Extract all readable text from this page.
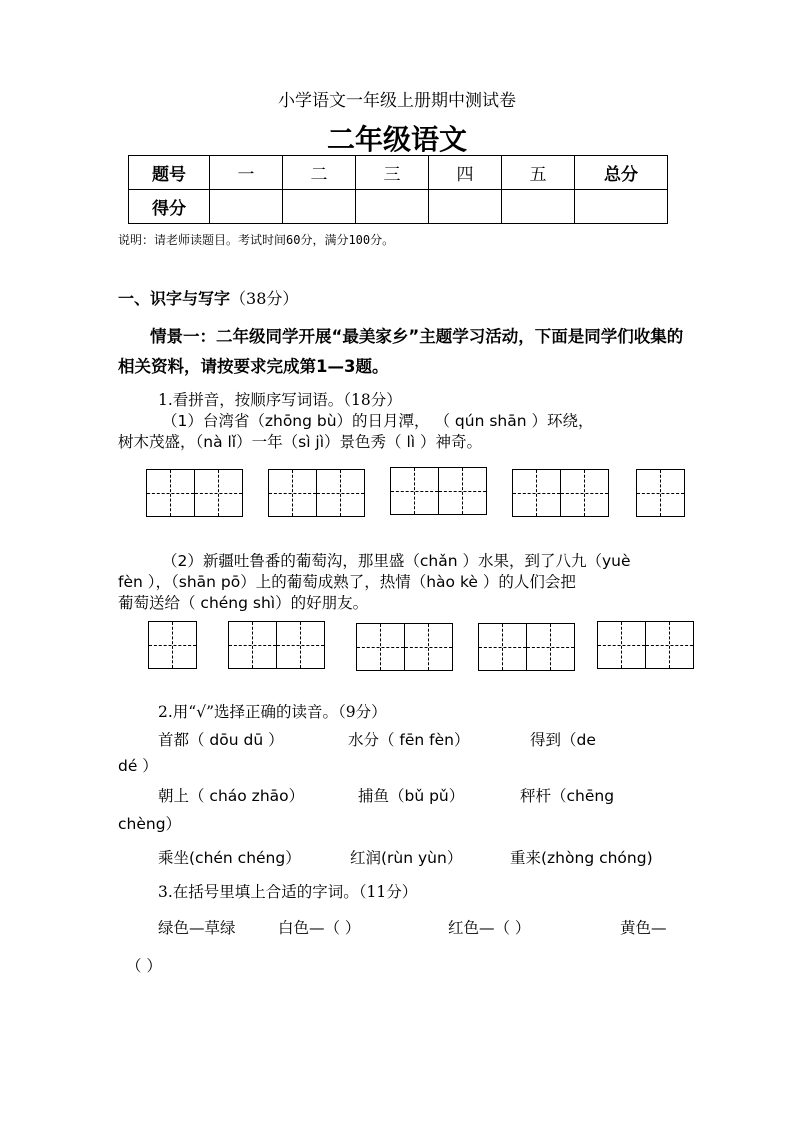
小学语文一年级上册期中测试卷
二年级语文
题号	一	二	三	四	五	总分
得分						
说明：请老师读题目。考试时间60分，满分100分。
一、识字与写字（38分）
情景一：二年级同学开展“最美家乡”主题学习活动，下面是同学们收集的相关资料，请按要求完成第1—3题。
1.看拼音，按顺序写词语。（18分）
（1）台湾省（zhōng bù）的日月潭， （ qún shān ）环绕，
树木茂盛，（nà lǐ）一年（sì jì）景色秀（ lì ）神奇。
（2）新疆吐鲁番的葡萄沟，那里盛（chǎn ）水果，到了八九（yuè
fèn ），（shān pō）上的葡萄成熟了，热情（hào kè ）的人们会把
葡萄送给（ chéng shì）的好朋友。
2.用“√”选择正确的读音。（9分）
首都（ dōu dū ）	水分（ fēn fèn）	得到（de
dé ）
朝上（ cháo zhāo）	捕鱼（bǔ pǔ）	秤杆（chēng
chèng）
乘坐(chén chéng）	红润(rùn yùn）	重来(zhòng chóng)
3.在括号里填上合适的字词。（11分）
绿色—草绿	白色—（ ）	红色—（ ）	黄色—
（ ）
